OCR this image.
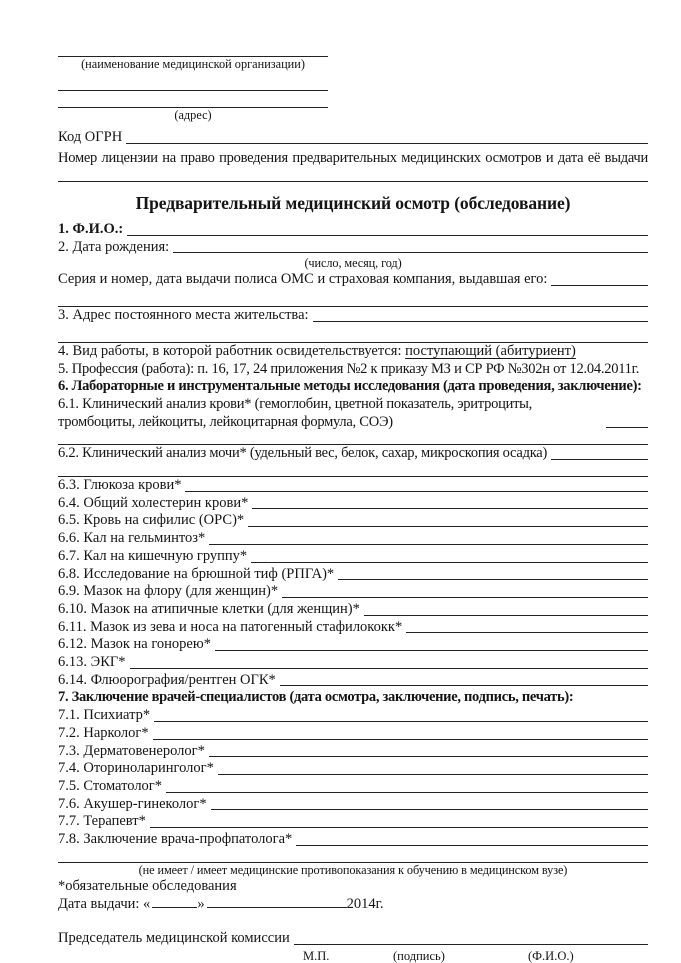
(наименование медицинской организации)
(адрес)
Код ОГРН
Номер лицензии на право проведения предварительных медицинских осмотров и дата её выдачи
Предварительный медицинский осмотр (обследование)
1. Ф.И.О.:
2. Дата рождения:
(число, месяц, год)
Серия и номер, дата выдачи полиса ОМС и страховая компания, выдавшая его:
3. Адрес постоянного места жительства:
4. Вид работы, в которой работник освидетельствуется: поступающий (абитуриент)
5. Профессия (работа): п. 16, 17, 24 приложения №2 к приказу МЗ и СР РФ №302н от 12.04.2011г.
6. Лабораторные и инструментальные методы исследования (дата проведения, заключение):
6.1. Клинический анализ крови* (гемоглобин, цветной показатель, эритроциты, тромбоциты, лейкоциты, лейкоцитарная формула, СОЭ)
6.2. Клинический анализ мочи* (удельный вес, белок, сахар, микроскопия осадка)
6.3. Глюкоза крови*
6.4. Общий холестерин крови*
6.5. Кровь на сифилис (ОРС)*
6.6. Кал на гельминтоз*
6.7. Кал на кишечную группу*
6.8. Исследование на брюшной тиф (РПГА)*
6.9. Мазок на флору (для женщин)*
6.10. Мазок на атипичные клетки (для женщин)*
6.11. Мазок из зева и носа на патогенный стафилококк*
6.12. Мазок на гонорею*
6.13. ЭКГ*
6.14. Флюорография/рентген ОГК*
7. Заключение врачей-специалистов (дата осмотра, заключение, подпись, печать):
7.1. Психиатр*
7.2. Нарколог*
7.3. Дерматовенеролог*
7.4. Оториноларинголог*
7.5. Стоматолог*
7.6. Акушер-гинеколог*
7.7. Терапевт*
7.8. Заключение врача-профпатолога*
(не имеет / имеет медицинские противопоказания к обучению в медицинском вузе)
*обязательные обследования
Дата выдачи: «	»	2014г.
Председатель медицинской комиссии
М.П.	(подпись)	(Ф.И.О.)
